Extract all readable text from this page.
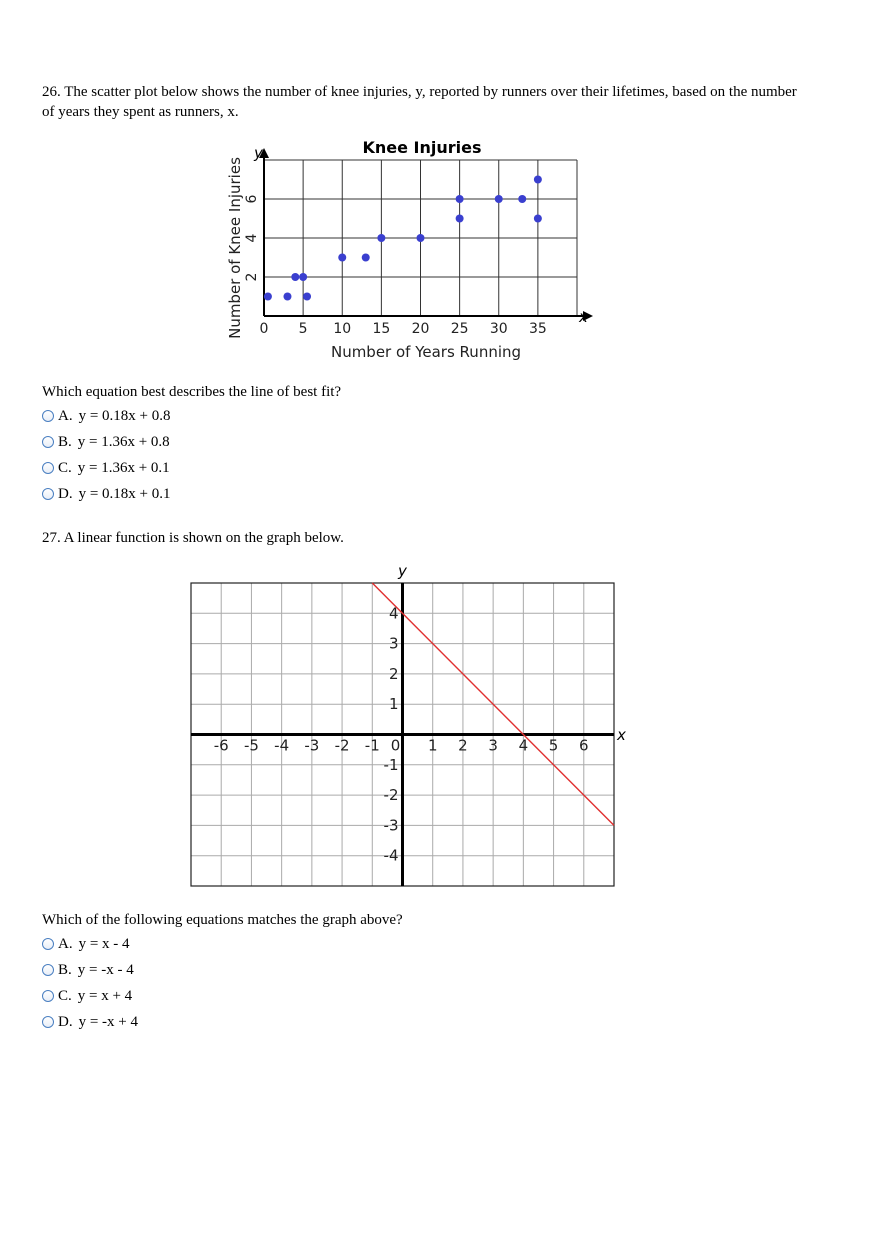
26. The scatter plot below shows the number of knee injuries, y, reported by runners over their lifetimes, based on the number of years they spent as runners, x.

0 5 10 15 20 25 30 35
2
4
6
Knee Injuries
Number of Years Running
Number of Knee Injuries	x
y

Which equation best describes the line of best fit?

A. y = 0.18x + 0.8
B. y = 1.36x + 0.8
C. y = 1.36x + 0.1
D. y = 0.18x + 0.1

27. A linear function is shown on the graph below.

-6 -5 -4 -3 -2 -1 0 1 2 3 4 5 6
4
3
2
1
-1
-2
-3
-4
x
y

Which of the following equations matches the graph above?

A. y = x - 4
B. y = -x - 4
C. y = x + 4
D. y = -x + 4
